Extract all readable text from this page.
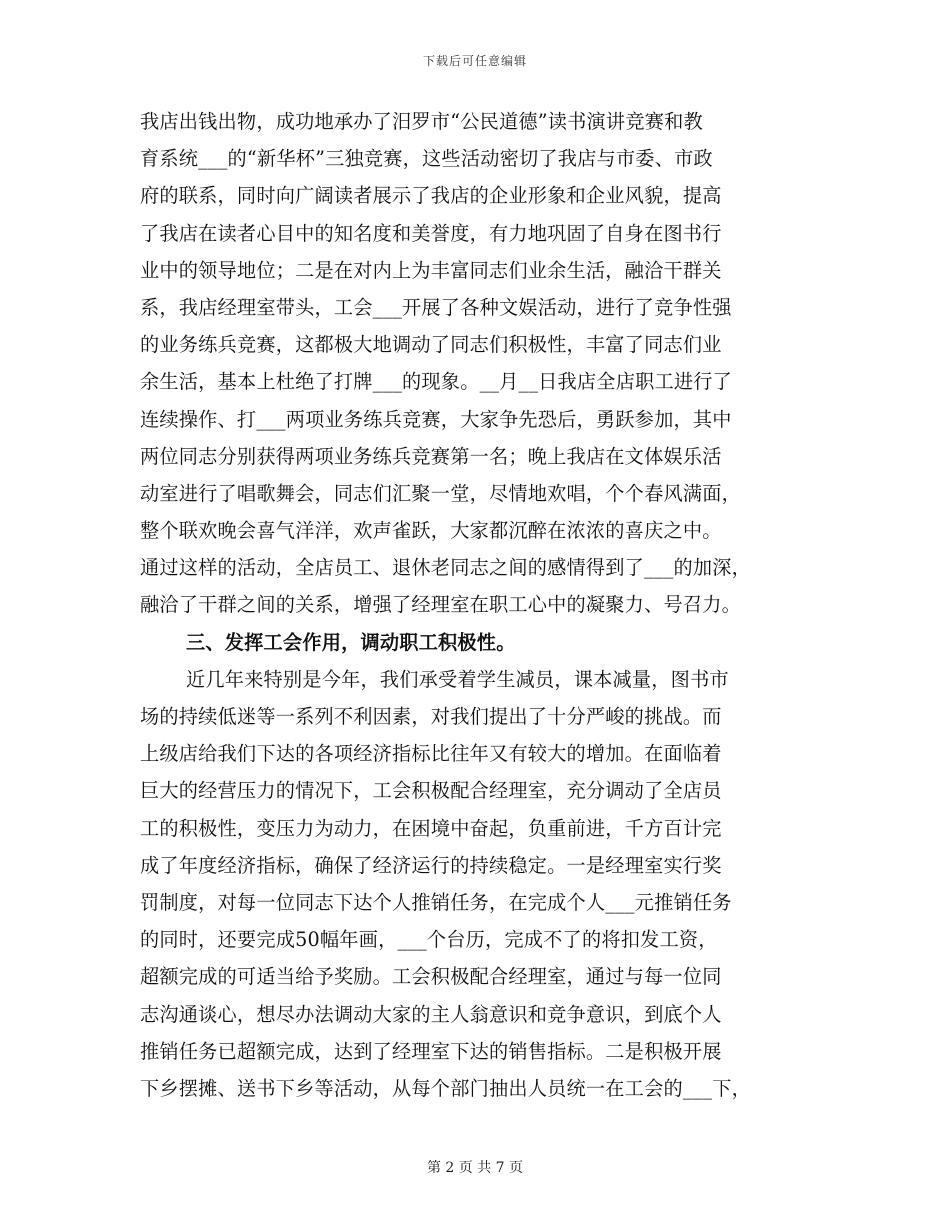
下载后可任意编辑
我店出钱出物，成功地承办了汨罗市“公民道德”读书演讲竞赛和教
育系统___的“新华杯”三独竞赛，这些活动密切了我店与市委、市政
府的联系，同时向广阔读者展示了我店的企业形象和企业风貌，提高
了我店在读者心目中的知名度和美誉度，有力地巩固了自身在图书行
业中的领导地位；二是在对内上为丰富同志们业余生活，融洽干群关
系，我店经理室带头，工会___开展了各种文娱活动，进行了竞争性强
的业务练兵竞赛，这都极大地调动了同志们积极性，丰富了同志们业
余生活，基本上杜绝了打牌___的现象。__月__日我店全店职工进行了
连续操作、打___两项业务练兵竞赛，大家争先恐后，勇跃参加，其中
两位同志分别获得两项业务练兵竞赛第一名；晚上我店在文体娱乐活
动室进行了唱歌舞会，同志们汇聚一堂，尽情地欢唱，个个春风满面，
整个联欢晚会喜气洋洋，欢声雀跃，大家都沉醉在浓浓的喜庆之中。
通过这样的活动，全店员工、退休老同志之间的感情得到了___的加深，
融洽了干群之间的关系，增强了经理室在职工心中的凝聚力、号召力。
三、发挥工会作用，调动职工积极性。
近几年来特别是今年，我们承受着学生减员，课本减量，图书市
场的持续低迷等一系列不利因素，对我们提出了十分严峻的挑战。而
上级店给我们下达的各项经济指标比往年又有较大的增加。在面临着
巨大的经营压力的情况下，工会积极配合经理室，充分调动了全店员
工的积极性，变压力为动力，在困境中奋起，负重前进，千方百计完
成了年度经济指标，确保了经济运行的持续稳定。一是经理室实行奖
罚制度，对每一位同志下达个人推销任务，在完成个人___元推销任务
的同时，还要完成50幅年画，___个台历，完成不了的将扣发工资，
超额完成的可适当给予奖励。工会积极配合经理室，通过与每一位同
志沟通谈心，想尽办法调动大家的主人翁意识和竞争意识，到底个人
推销任务已超额完成，达到了经理室下达的销售指标。二是积极开展
下乡摆摊、送书下乡等活动，从每个部门抽出人员统一在工会的___下，
第 2 页 共 7 页
